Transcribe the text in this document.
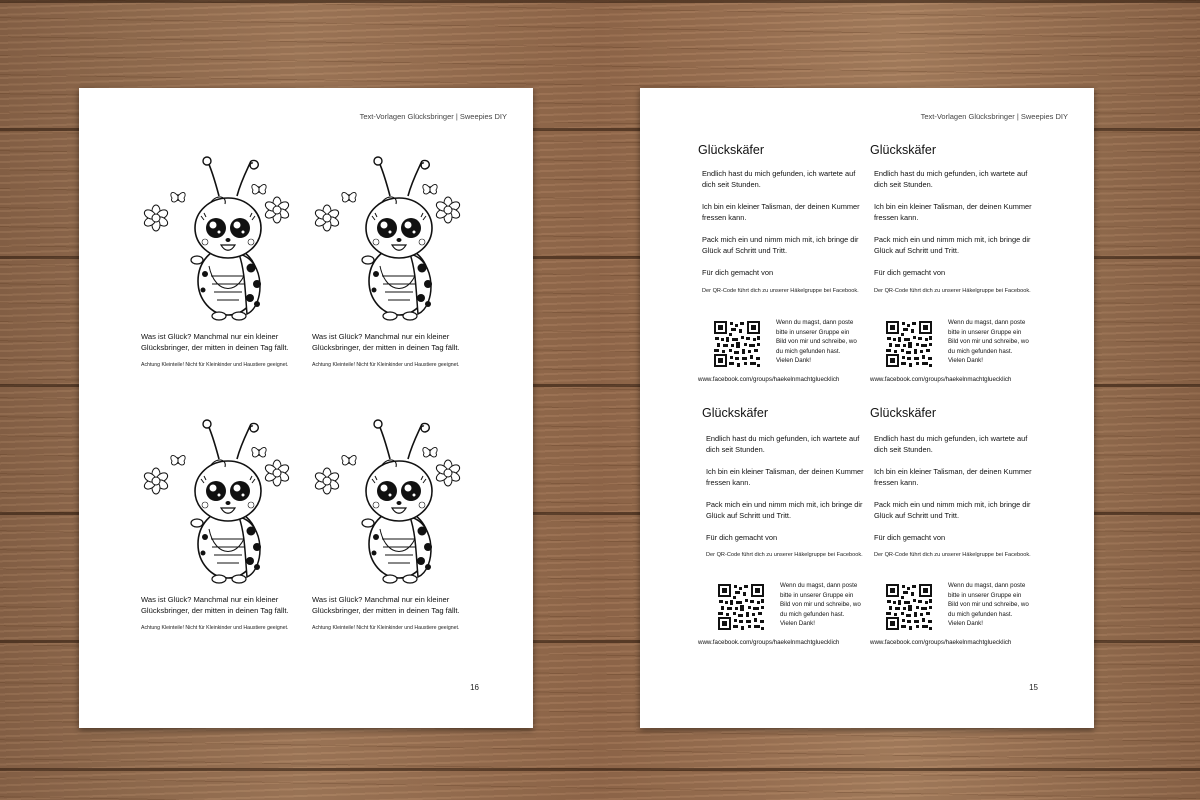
Text-Vorlagen Glücksbringer | Sweepies DIY
Was ist Glück? Manchmal nur ein kleiner Glücksbringer, der mitten in deinen Tag fällt.
Achtung Kleinteile! Nicht für Kleinkinder und Haustiere geeignet.
Was ist Glück? Manchmal nur ein kleiner Glücksbringer, der mitten in deinen Tag fällt.
Achtung Kleinteile! Nicht für Kleinkinder und Haustiere geeignet.
Was ist Glück? Manchmal nur ein kleiner Glücksbringer, der mitten in deinen Tag fällt.
Achtung Kleinteile! Nicht für Kleinkinder und Haustiere geeignet.
Was ist Glück? Manchmal nur ein kleiner Glücksbringer, der mitten in deinen Tag fällt.
Achtung Kleinteile! Nicht für Kleinkinder und Haustiere geeignet.
16
Text-Vorlagen Glücksbringer | Sweepies DIY
Glückskäfer
Endlich hast du mich gefunden, ich wartete auf dich seit Stunden.
Ich bin ein kleiner Talisman, der deinen Kummer fressen kann.
Pack mich ein und nimm mich mit, ich bringe dir Glück auf Schritt und Tritt.
Für dich gemacht von
Der QR-Code führt dich zu unserer Häkelgruppe bei Facebook.
Wenn du magst, dann poste bitte in unserer Gruppe ein Bild von mir und schreibe, wo du mich gefunden hast. Vielen Dank!
www.facebook.com/groups/haekelnmachtgluecklich
Glückskäfer
Endlich hast du mich gefunden, ich wartete auf dich seit Stunden.
Ich bin ein kleiner Talisman, der deinen Kummer fressen kann.
Pack mich ein und nimm mich mit, ich bringe dir Glück auf Schritt und Tritt.
Für dich gemacht von
Der QR-Code führt dich zu unserer Häkelgruppe bei Facebook.
Wenn du magst, dann poste bitte in unserer Gruppe ein Bild von mir und schreibe, wo du mich gefunden hast. Vielen Dank!
www.facebook.com/groups/haekelnmachtgluecklich
Glückskäfer
Endlich hast du mich gefunden, ich wartete auf dich seit Stunden.
Ich bin ein kleiner Talisman, der deinen Kummer fressen kann.
Pack mich ein und nimm mich mit, ich bringe dir Glück auf Schritt und Tritt.
Für dich gemacht von
Der QR-Code führt dich zu unserer Häkelgruppe bei Facebook.
Wenn du magst, dann poste bitte in unserer Gruppe ein Bild von mir und schreibe, wo du mich gefunden hast. Vielen Dank!
www.facebook.com/groups/haekelnmachtgluecklich
Glückskäfer
Endlich hast du mich gefunden, ich wartete auf dich seit Stunden.
Ich bin ein kleiner Talisman, der deinen Kummer fressen kann.
Pack mich ein und nimm mich mit, ich bringe dir Glück auf Schritt und Tritt.
Für dich gemacht von
Der QR-Code führt dich zu unserer Häkelgruppe bei Facebook.
Wenn du magst, dann poste bitte in unserer Gruppe ein Bild von mir und schreibe, wo du mich gefunden hast. Vielen Dank!
www.facebook.com/groups/haekelnmachtgluecklich
15
